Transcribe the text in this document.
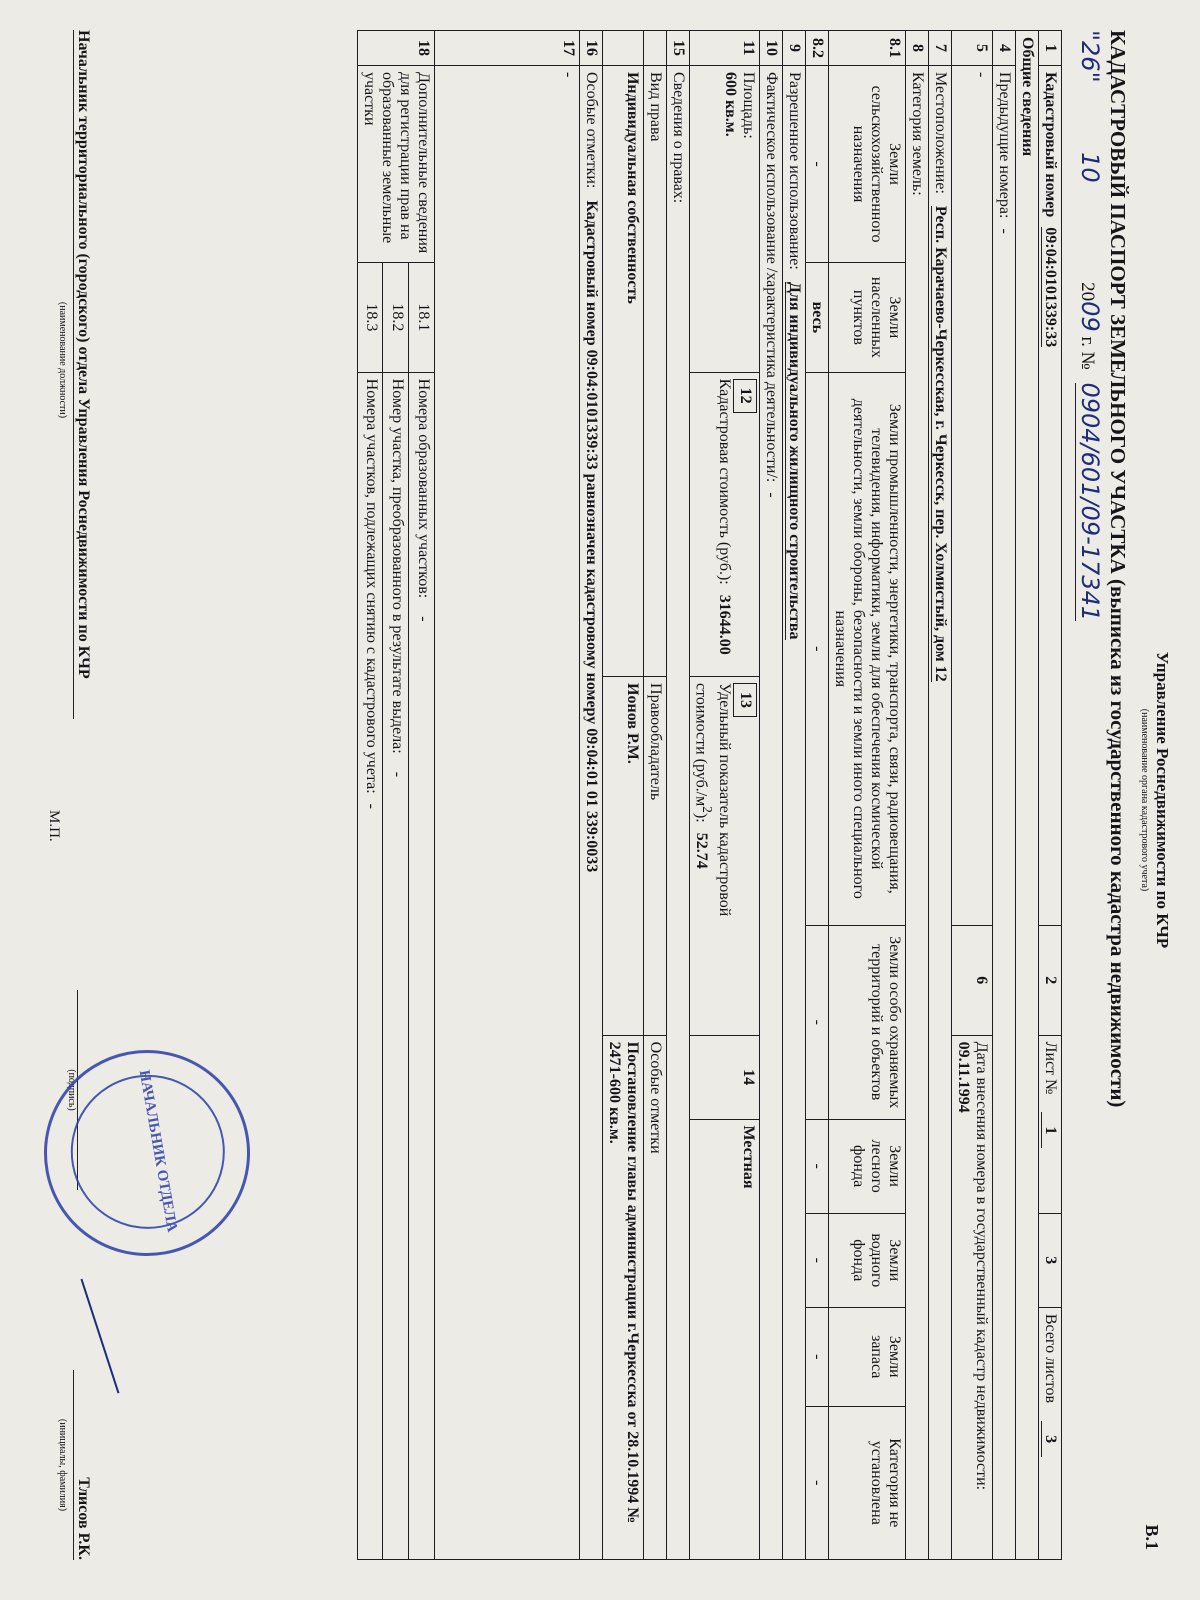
Управление Роснедвижимости по КЧР
(наименование органа кадастрового учета)
В.1
КАДАСТРОВЫЙ ПАСПОРТ ЗЕМЕЛЬНОГО УЧАСТКА (выписка из государственного кадастра недвижимости)
"26"  10  2009 г. № 0904/601/09-17341
1	Кадастровый номер 09:04:0101339:33				2	Лист № 1		3	Всего листов 3	
Общие сведения										
4	Предыдущие номера: -									
5	-				6	Дата внесения номера в государственный кадастр недвижимости:
09.11.1994				

7	Местоположение: Респ. Карачаево-Черкесская, г. Черкесск, пер. Холмистый, дом 12									
8	Категория земель:									
8.1	Земли сельскохозяйственного назначения	Земли населенных пунктов	Земли промышленности, энергетики, транспорта, связи, радиовещания, телевидения, информатики, земли для обеспечения космической деятельности, земли обороны, безопасности и земли иного специального назначения		Земли особо охраняемых территорий и объектов		Земли лесного фонда	Земли водного фонда	Земли запаса	Категория не установлена
8.2	-	весь	-		-		-	-	-	-
9	Разрешенное использование: Для индивидуального жилищного строительства									
10	Фактическое использование /характеристика деятельности/: -									
11	Площадь:
600 кв.м.		12 Кадастровая стоимость (руб.): 31644.00	13 Удельный показатель кадастровой стоимости $(руб./м^2)$: 52.74		14	Местная			
15	Сведения о правах:									
	Вид права			Правообладатель		Особые отметки				
	Индивидуальная собственность			Ионов Р.М.		Постановление главы администрации г.Черкесска от 28.10.1994 № 2471-600 кв.м.				
16	Особые отметки: Кадастровый номер 09:04:0101339:33 равнозначен кадастровому номеру 09:04:01 01 339:0033									
17	-									
18	Дополнительные сведения для регистрации прав на образованные земельные участки	18.1	Номера образованных участков: -							
		18.2	Номер участка, преобразованного в результате выдела: -							
		18.3	Номера участков, подлежащих снятию с кадастрового учета: -							
Начальник территориального (городского) отдела Управления Роснедвижимости по КЧР
(наименование должности)
М.П.
(подпись)
Тлисов Р.К.
(инициалы, фамилия)
НАЧАЛЬНИК ОТДЕЛА
